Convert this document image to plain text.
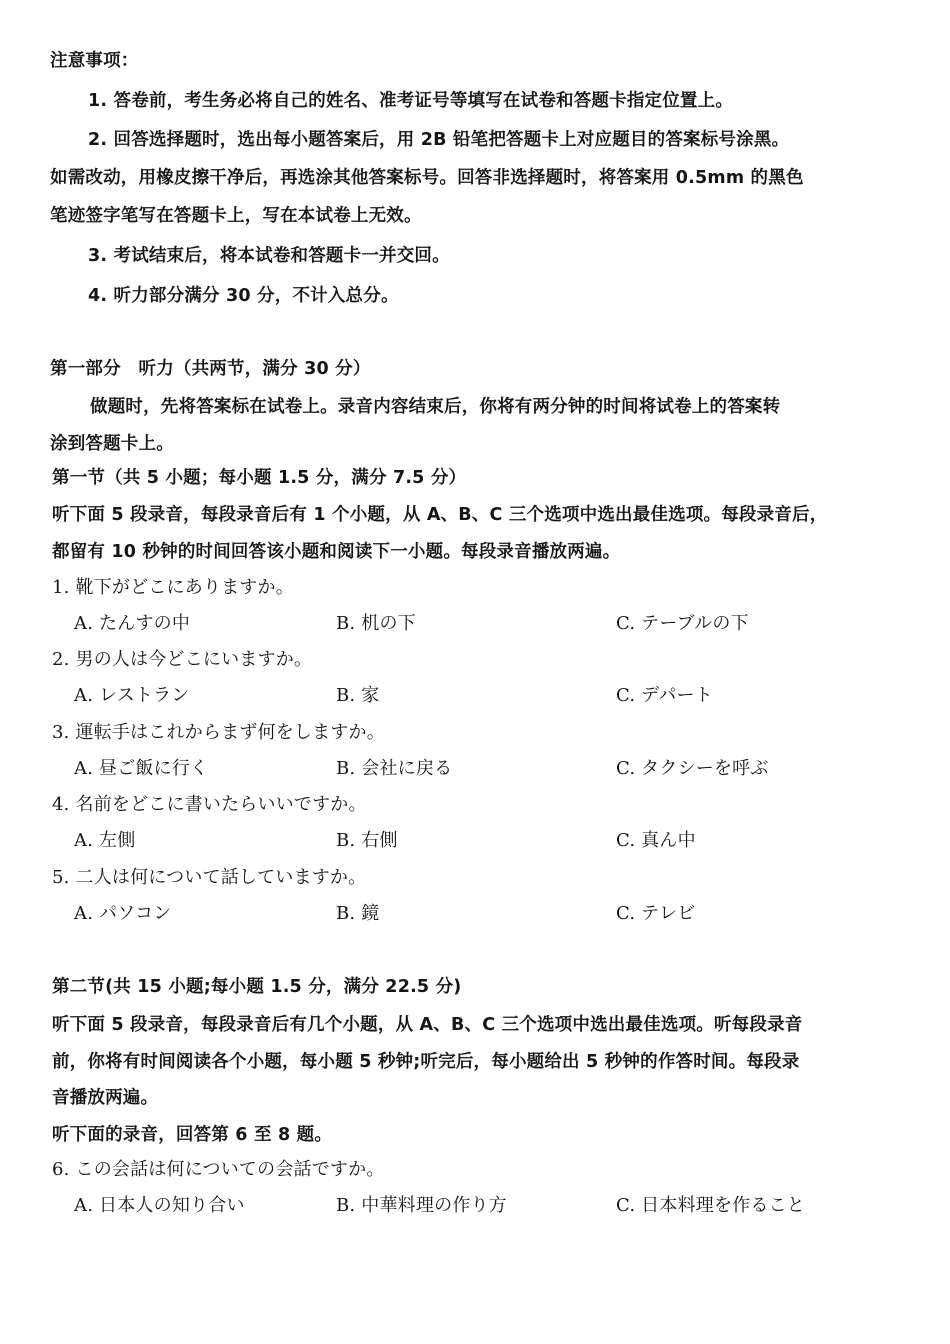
注意事项：

1. 答卷前，考生务必将自己的姓名、准考证号等填写在试卷和答题卡指定位置上。

2. 回答选择题时，选出每小题答案后，用 2B 铅笔把答题卡上对应题目的答案标号涂黑。

如需改动，用橡皮擦干净后，再选涂其他答案标号。回答非选择题时，将答案用 0.5mm 的黑色

笔迹签字笔写在答题卡上，写在本试卷上无效。

3. 考试结束后，将本试卷和答题卡一并交回。

4. 听力部分满分 30 分，不计入总分。

第一部分　听力（共两节，满分 30 分）

做题时，先将答案标在试卷上。录音内容结束后，你将有两分钟的时间将试卷上的答案转

涂到答题卡上。

第一节（共 5 小题；每小题 1.5 分，满分 7.5 分）

听下面 5 段录音，每段录音后有 1 个小题，从 A、B、C 三个选项中选出最佳选项。每段录音后，

都留有 10 秒钟的时间回答该小题和阅读下一小题。每段录音播放两遍。

1. 靴下がどこにありますか。

A. たんすの中	B. 机の下	C. テーブルの下

2. 男の人は今どこにいますか。

A. レストラン	B. 家	C. デパート

3. 運転手はこれからまず何をしますか。

A. 昼ご飯に行く	B. 会社に戻る	C. タクシーを呼ぶ

4. 名前をどこに書いたらいいですか。

A. 左側	B. 右側	C. 真ん中

5. 二人は何について話していますか。

A. パソコン	B. 鏡	C. テレビ

第二节(共 15 小题;每小题 1.5 分，满分 22.5 分)

听下面 5 段录音，每段录音后有几个小题，从 A、B、C 三个选项中选出最佳选项。听每段录音

前，你将有时间阅读各个小题，每小题 5 秒钟;听完后，每小题给出 5 秒钟的作答时间。每段录

音播放两遍。

听下面的录音，回答第 6 至 8 题。

6. この会話は何についての会話ですか。

A. 日本人の知り合い	B. 中華料理の作り方	C. 日本料理を作ること
